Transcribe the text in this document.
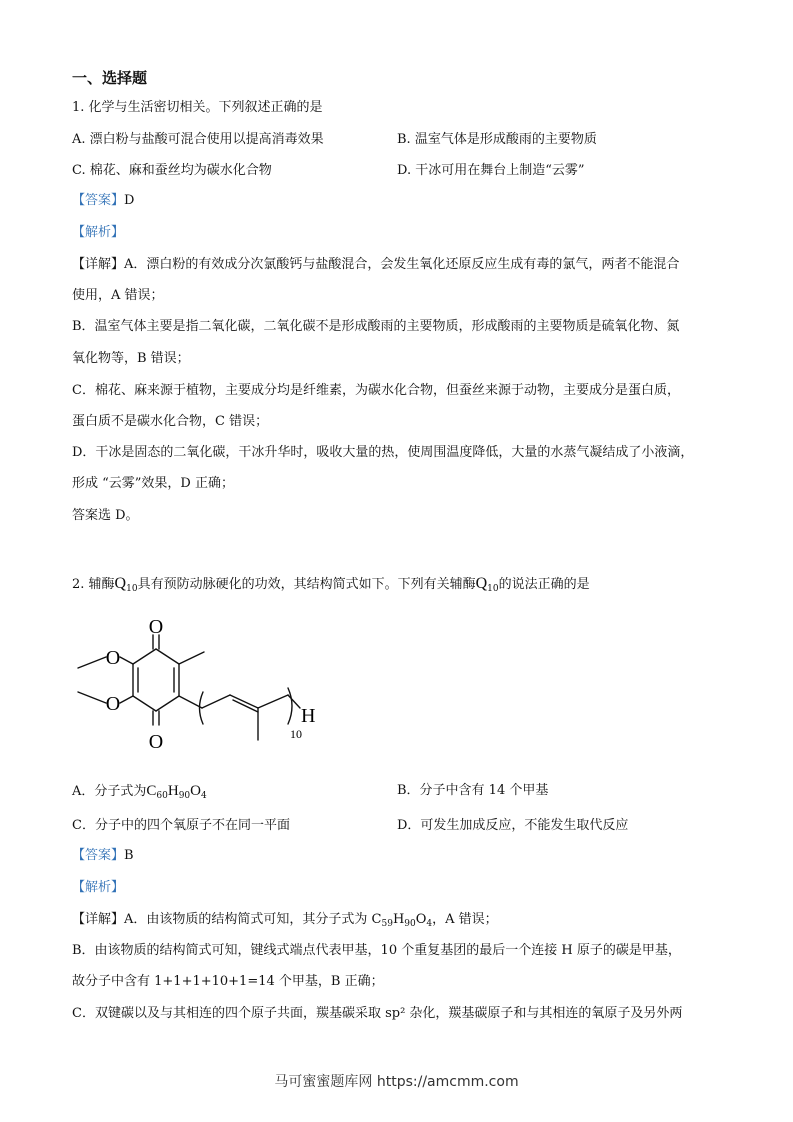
一、选择题
1. 化学与生活密切相关。下列叙述正确的是
A. 漂白粉与盐酸可混合使用以提高消毒效果	B. 温室气体是形成酸雨的主要物质
C. 棉花、麻和蚕丝均为碳水化合物	D. 干冰可用在舞台上制造“云雾”
【答案】D
【解析】
【详解】A．漂白粉的有效成分次氯酸钙与盐酸混合，会发生氧化还原反应生成有毒的氯气，两者不能混合
使用，A 错误；
B．温室气体主要是指二氧化碳，二氧化碳不是形成酸雨的主要物质，形成酸雨的主要物质是硫氧化物、氮
氧化物等，B 错误；
C．棉花、麻来源于植物，主要成分均是纤维素，为碳水化合物，但蚕丝来源于动物，主要成分是蛋白质，
蛋白质不是碳水化合物，C 错误；
D．干冰是固态的二氧化碳，干冰升华时，吸收大量的热，使周围温度降低，大量的水蒸气凝结成了小液滴，
形成 “云雾”效果，D 正确；
答案选 D。
2. 辅酶$Q_{10}$具有预防动脉硬化的功效，其结构简式如下。下列有关辅酶$Q_{10}$的说法正确的是
O
O
O
O
H
10
A．分子式为$C_{60}H_{90}O_4$	B．分子中含有 14 个甲基
C．分子中的四个氧原子不在同一平面	D．可发生加成反应，不能发生取代反应
【答案】B
【解析】
【详解】A．由该物质的结构简式可知，其分子式为 $C_{59}H_{90}O_4$，A 错误；
B．由该物质的结构简式可知，键线式端点代表甲基，10 个重复基团的最后一个连接 H 原子的碳是甲基，
故分子中含有 1+1+1+10+1=14 个甲基，B 正确；
C．双键碳以及与其相连的四个原子共面，羰基碳采取 sp² 杂化，羰基碳原子和与其相连的氧原子及另外两
马可蜜蜜题库网 https://amcmm.com
